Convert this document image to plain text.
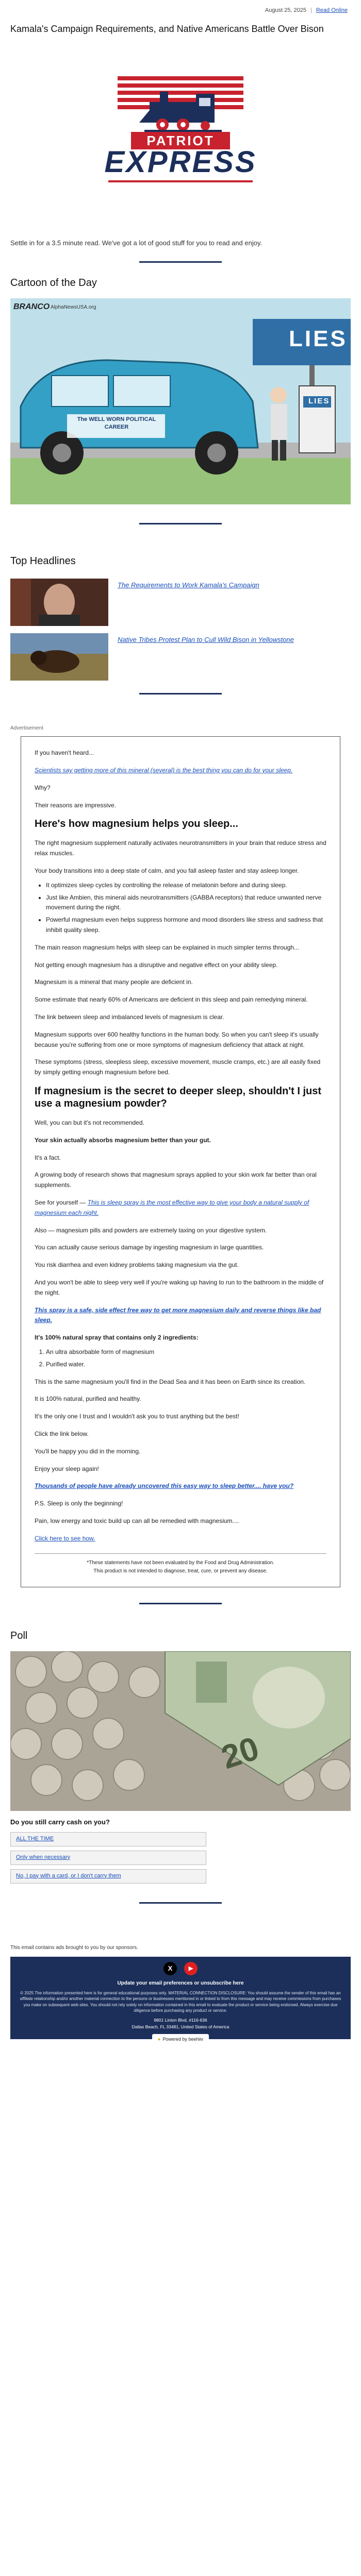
August 25, 2025 | Read Online
Kamala's Campaign Requirements, and Native Americans Battle Over Bison
PATRIOT
EXPRESS

Settle in for a 3.5 minute read. We've got a lot of good stuff for you to read and enjoy.

Cartoon of the Day
BRANCO AlphaNewsUSA.org
LIES
LIES
The WELL WORN POLITICAL CAREER
Top Headlines
The Requirements to Work Kamala's Campaign
Native Tribes Protest Plan to Cull Wild Bison in Yellowstone
Advertisement

If you haven't heard...

Scientists say getting more of this mineral (several) is the best thing you can do for your sleep.

Why?

Their reasons are impressive.

Here's how magnesium helps you sleep...

The right magnesium supplement naturally activates neurotransmitters in your brain that reduce stress and relax muscles.

Your body transitions into a deep state of calm, and you fall asleep faster and stay asleep longer.

• It optimizes sleep cycles by controlling the release of melatonin before and during sleep.
• Just like Ambien, this mineral aids neurotransmitters (GABBA receptors) that reduce unwanted nerve movement during the night.
• Powerful magnesium even helps suppress hormone and mood disorders like stress and sadness that inhibit quality sleep.

The main reason magnesium helps with sleep can be explained in much simpler terms through...

Not getting enough magnesium has a disruptive and negative effect on your ability sleep.

Magnesium is a mineral that many people are deficient in.

Some estimate that nearly 60% of Americans are deficient in this sleep and pain remedying mineral.

The link between sleep and imbalanced levels of magnesium is clear.

Magnesium supports over 600 healthy functions in the human body. So when you can't sleep it's usually because you're suffering from one or more symptoms of magnesium deficiency that attack at night.

These symptoms (stress, sleepless sleep, excessive movement, muscle cramps, etc.) are all easily fixed by simply getting enough magnesium before bed.

If magnesium is the secret to deeper sleep, shouldn't I just use a magnesium powder?

Well, you can but it's not recommended.

Your skin actually absorbs magnesium better than your gut.

It's a fact.

A growing body of research shows that magnesium sprays applied to your skin work far better than oral supplements.

See for yourself — This is sleep spray is the most effective way to give your body a natural supply of magnesium each night.

Also — magnesium pills and powders are extremely taxing on your digestive system.

You can actually cause serious damage by ingesting magnesium in large quantities.

You risk diarrhea and even kidney problems taking magnesium via the gut.

And you won't be able to sleep very well if you're waking up having to run to the bathroom in the middle of the night.

This spray is a safe, side effect free way to get more magnesium daily and reverse things like bad sleep.

It's 100% natural spray that contains only 2 ingredients:

1. An ultra absorbable form of magnesium
2. Purified water.

This is the same magnesium you'll find in the Dead Sea and it has been on Earth since its creation.

It is 100% natural, purified and healthy.

It's the only one I trust and I wouldn't ask you to trust anything but the best!

Click the link below.

You'll be happy you did in the morning.

Enjoy your sleep again!

Thousands of people have already uncovered this easy way to sleep better.... have you?

P.S. Sleep is only the beginning!

Pain, low energy and toxic build up can all be remedied with magnesium....

Click here to see how.

*These statements have not been evaluated by the Food and Drug Administration.
This product is not intended to diagnose, treat, cure, or prevent any disease.
Poll
20
Do you still carry cash on you?
ALL THE TIME
Only when necessary
No, I pay with a card, or I don't carry them
This email contains ads brought to you by our sponsors.
X	▶
Update your email preferences or unsubscribe here
© 2025 The information presented here is for general educational purposes only. MATERIAL CONNECTION DISCLOSURE: You should assume the sender of this email has an affiliate relationship and/or another material connection to the persons or businesses mentioned in or linked to from this message and may receive commissions from purchases you make on subsequent web sites. You should not rely solely on information contained in this email to evaluate the product or service being endorsed. Always exercise due diligence before purchasing any product or service.
9801 Linton Blvd, #116-636
Dallas Beach, FL 33481, United States of America
● Powered by beehiiv
